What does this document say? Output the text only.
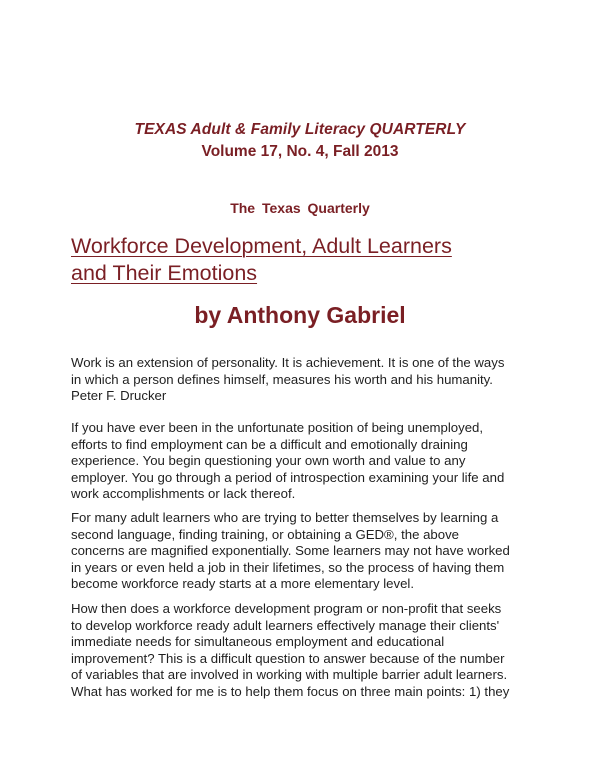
TEXAS Adult & Family Literacy QUARTERLY
Volume 17, No. 4, Fall 2013
The Texas Quarterly
Workforce Development, Adult Learners
and Their Emotions
by Anthony Gabriel

Work is an extension of personality. It is achievement. It is one of the ways
in which a person defines himself, measures his worth and his humanity.
Peter F. Drucker

If you have ever been in the unfortunate position of being unemployed,
efforts to find employment can be a difficult and emotionally draining
experience. You begin questioning your own worth and value to any
employer. You go through a period of introspection examining your life and
work accomplishments or lack thereof.

For many adult learners who are trying to better themselves by learning a
second language, finding training, or obtaining a GED®, the above
concerns are magnified exponentially. Some learners may not have worked
in years or even held a job in their lifetimes, so the process of having them
become workforce ready starts at a more elementary level.

How then does a workforce development program or non-profit that seeks
to develop workforce ready adult learners effectively manage their clients'
immediate needs for simultaneous employment and educational
improvement? This is a difficult question to answer because of the number
of variables that are involved in working with multiple barrier adult learners.
What has worked for me is to help them focus on three main points: 1) they
